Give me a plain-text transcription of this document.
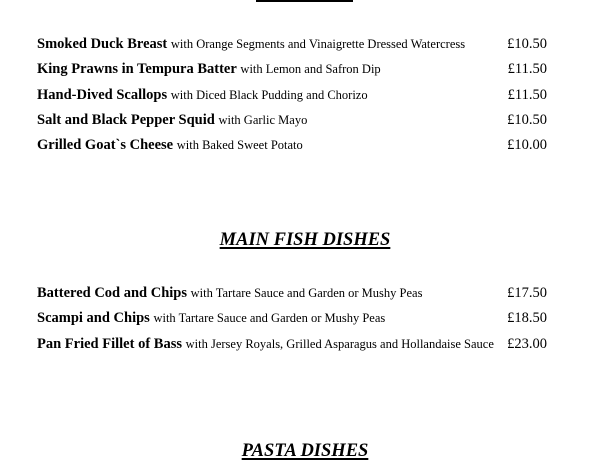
Smoked Duck Breast with Orange Segments and Vinaigrette Dressed Watercress	£10.50
King Prawns in Tempura Batter with Lemon and Safron Dip	£11.50
Hand-Dived Scallops with Diced Black Pudding and Chorizo	£11.50
Salt and Black Pepper Squid with Garlic Mayo	£10.50
Grilled Goat`s Cheese with Baked Sweet Potato	£10.00
MAIN FISH DISHES
Battered Cod and Chips with Tartare Sauce and Garden or Mushy Peas	£17.50
Scampi and Chips with Tartare Sauce and Garden or Mushy Peas	£18.50
Pan Fried Fillet of Bass with Jersey Royals, Grilled Asparagus and Hollandaise Sauce £23.00
PASTA DISHES
